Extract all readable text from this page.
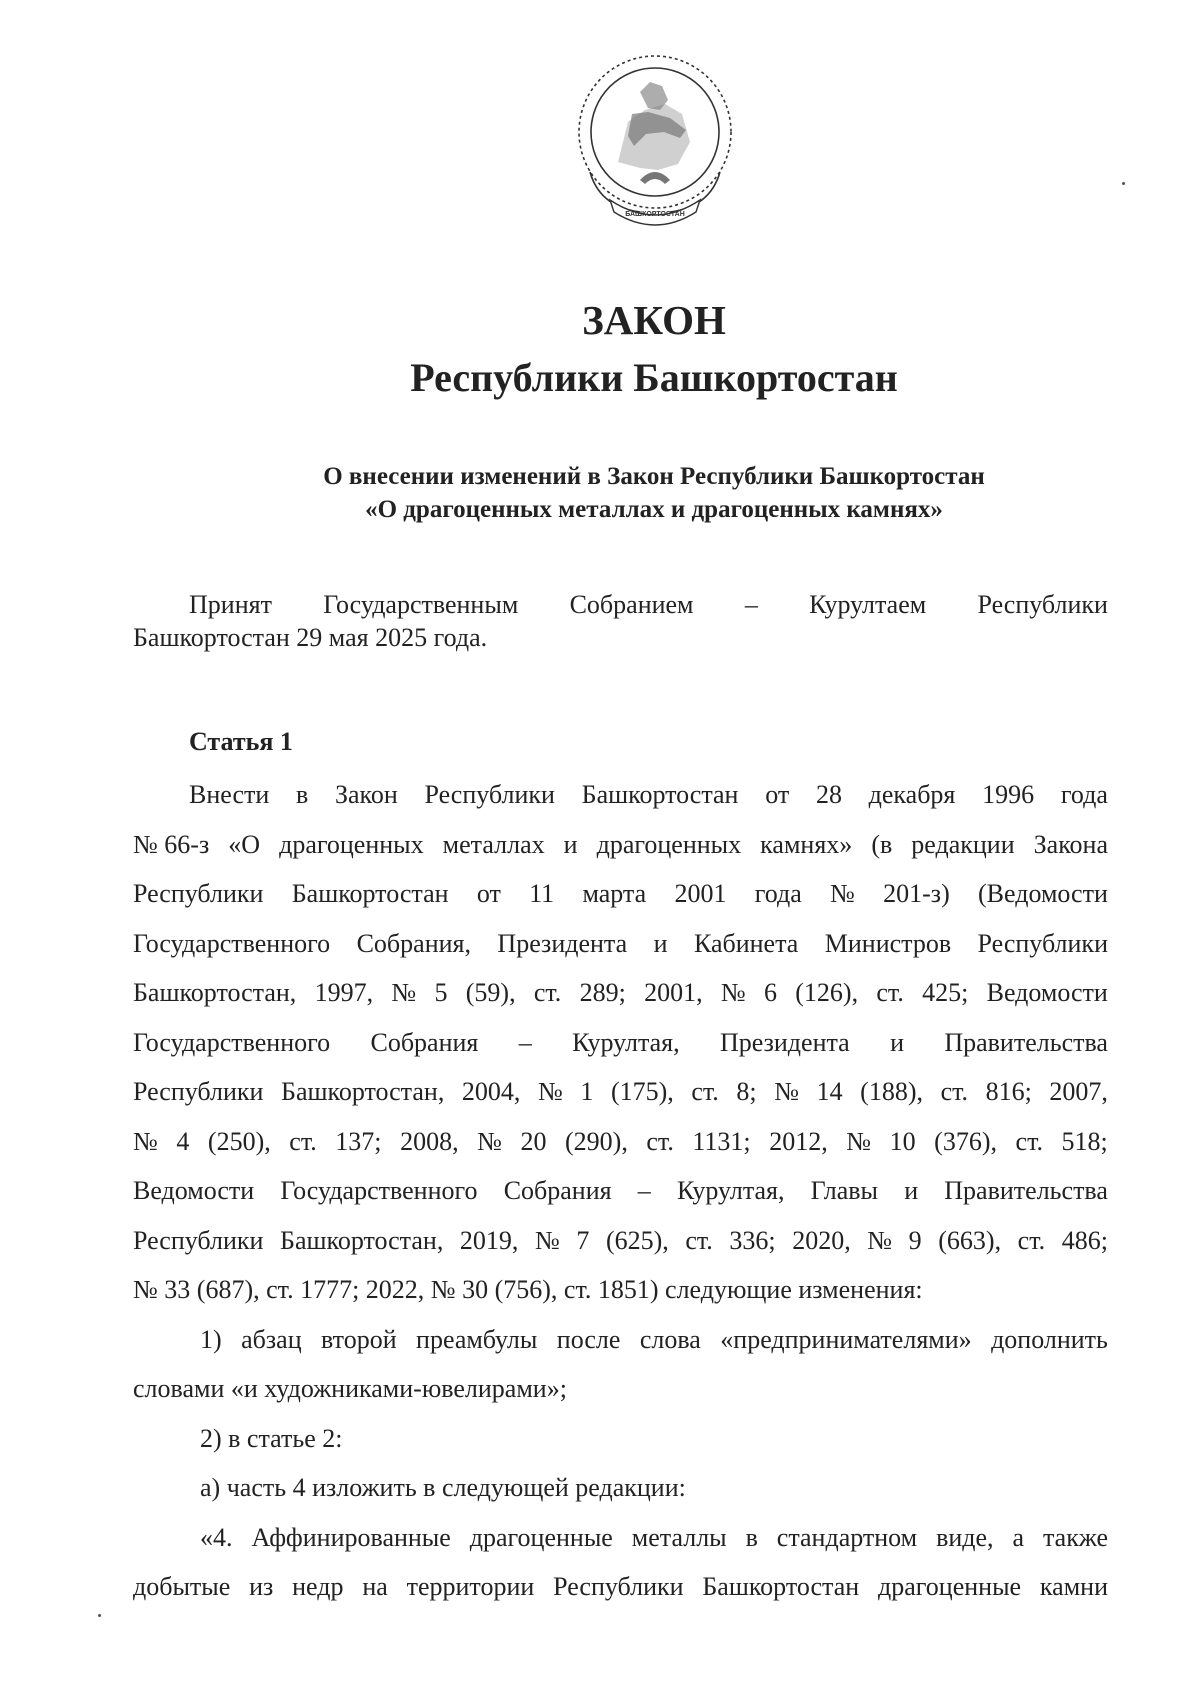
БАШКОРТОСТАН
ЗАКОН
Республики Башкортостан
О внесении изменений в Закон Республики Башкортостан
«О драгоценных металлах и драгоценных камнях»
Принят Государственным Собранием – Курултаем Республики
Башкортостан 29 мая 2025 года.
Статья 1
Внести в Закон Республики Башкортостан от 28 декабря 1996 года
№ 66-з «О драгоценных металлах и драгоценных камнях» (в редакции Закона
Республики Башкортостан от 11 марта 2001 года № 201-з) (Ведомости
Государственного Собрания, Президента и Кабинета Министров Республики
Башкортостан, 1997, № 5 (59), ст. 289; 2001, № 6 (126), ст. 425; Ведомости
Государственного Собрания – Курултая, Президента и Правительства
Республики Башкортостан, 2004, № 1 (175), ст. 8; № 14 (188), ст. 816; 2007,
№ 4 (250), ст. 137; 2008, № 20 (290), ст. 1131; 2012, № 10 (376), ст. 518;
Ведомости Государственного Собрания – Курултая, Главы и Правительства
Республики Башкортостан, 2019, № 7 (625), ст. 336; 2020, № 9 (663), ст. 486;
№ 33 (687), ст. 1777; 2022, № 30 (756), ст. 1851) следующие изменения:
1) абзац второй преамбулы после слова «предпринимателями» дополнить
словами «и художниками-ювелирами»;
2) в статье 2:
а) часть 4 изложить в следующей редакции:
«4. Аффинированные драгоценные металлы в стандартном виде, а также
добытые из недр на территории Республики Башкортостан драгоценные камни
